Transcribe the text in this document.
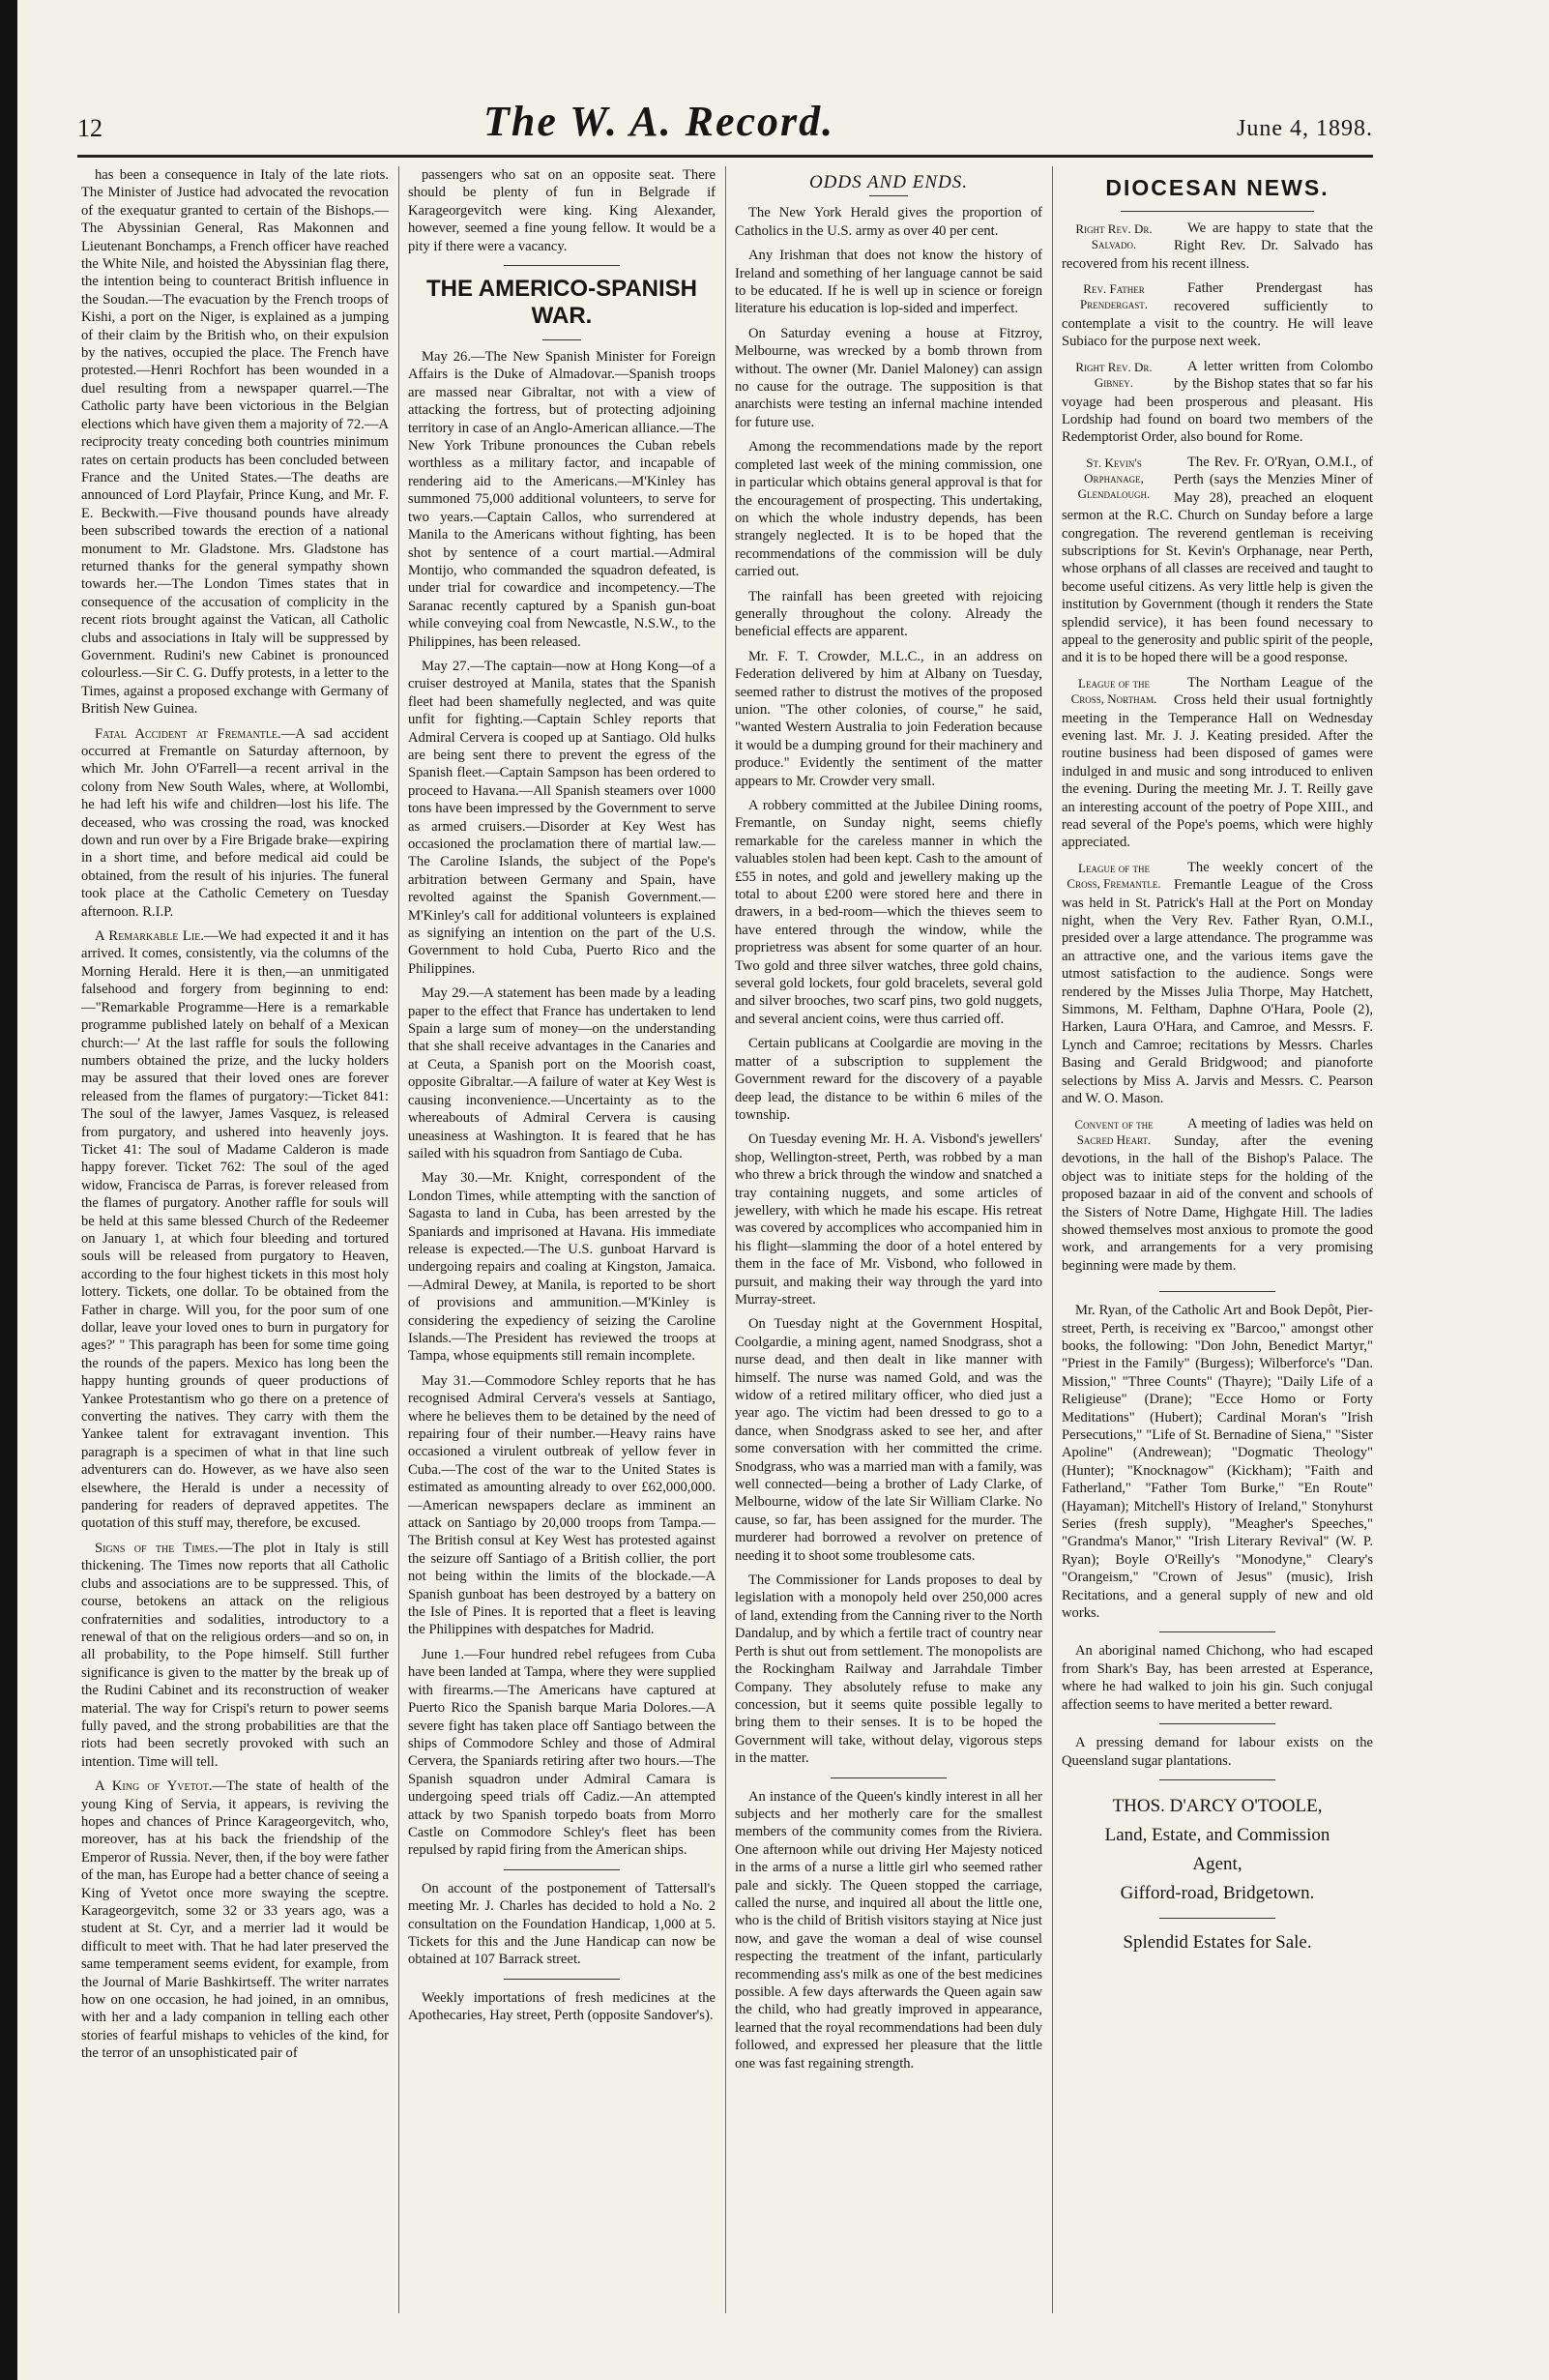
12	The W. A. Record.	June 4, 1898.

has been a consequence in Italy of the late riots. The Minister of Justice had advocated the revocation of the exequatur granted to certain of the Bishops.—The Abyssinian General, Ras Makonnen and Lieutenant Bonchamps, a French officer have reached the White Nile, and hoisted the Abyssinian flag there, the intention being to counteract British influence in the Soudan.—The evacuation by the French troops of Kishi, a port on the Niger, is explained as a jumping of their claim by the British who, on their expulsion by the natives, occupied the place. The French have protested.—Henri Rochfort has been wounded in a duel resulting from a newspaper quarrel.—The Catholic party have been victorious in the Belgian elections which have given them a majority of 72.—A reciprocity treaty conceding both countries minimum rates on certain products has been concluded between France and the United States.—The deaths are announced of Lord Playfair, Prince Kung, and Mr. F. E. Beckwith.—Five thousand pounds have already been subscribed towards the erection of a national monument to Mr. Gladstone. Mrs. Gladstone has returned thanks for the general sympathy shown towards her.—The London Times states that in consequence of the accusation of complicity in the recent riots brought against the Vatican, all Catholic clubs and associations in Italy will be suppressed by Government. Rudini's new Cabinet is pronounced colourless.—Sir C. G. Duffy protests, in a letter to the Times, against a proposed exchange with Germany of British New Guinea.

Fatal Accident at Fremantle.—A sad accident occurred at Fremantle on Saturday afternoon, by which Mr. John O'Farrell—a recent arrival in the colony from New South Wales, where, at Wollombi, he had left his wife and children—lost his life. The deceased, who was crossing the road, was knocked down and run over by a Fire Brigade brake—expiring in a short time, and before medical aid could be obtained, from the result of his injuries. The funeral took place at the Catholic Cemetery on Tuesday afternoon. R.I.P.

A Remarkable Lie.—We had expected it and it has arrived. It comes, consistently, via the columns of the Morning Herald. Here it is then,—an unmitigated falsehood and forgery from beginning to end:—"Remarkable Programme—Here is a remarkable programme published lately on behalf of a Mexican church:—' At the last raffle for souls the following numbers obtained the prize, and the lucky holders may be assured that their loved ones are forever released from the flames of purgatory:—Ticket 841: The soul of the lawyer, James Vasquez, is released from purgatory, and ushered into heavenly joys. Ticket 41: The soul of Madame Calderon is made happy forever. Ticket 762: The soul of the aged widow, Francisca de Parras, is forever released from the flames of purgatory. Another raffle for souls will be held at this same blessed Church of the Redeemer on January 1, at which four bleeding and tortured souls will be released from purgatory to Heaven, according to the four highest tickets in this most holy lottery. Tickets, one dollar. To be obtained from the Father in charge. Will you, for the poor sum of one dollar, leave your loved ones to burn in purgatory for ages?' " This paragraph has been for some time going the rounds of the papers. Mexico has long been the happy hunting grounds of queer productions of Yankee Protestantism who go there on a pretence of converting the natives. They carry with them the Yankee talent for extravagant invention. This paragraph is a specimen of what in that line such adventurers can do. However, as we have also seen elsewhere, the Herald is under a necessity of pandering for readers of depraved appetites. The quotation of this stuff may, therefore, be excused.

Signs of the Times.—The plot in Italy is still thickening. The Times now reports that all Catholic clubs and associations are to be suppressed. This, of course, betokens an attack on the religious confraternities and sodalities, introductory to a renewal of that on the religious orders—and so on, in all probability, to the Pope himself. Still further significance is given to the matter by the break up of the Rudini Cabinet and its reconstruction of weaker material. The way for Crispi's return to power seems fully paved, and the strong probabilities are that the riots had been secretly provoked with such an intention. Time will tell.

A King of Yvetot.—The state of health of the young King of Servia, it appears, is reviving the hopes and chances of Prince Karageorgevitch, who, moreover, has at his back the friendship of the Emperor of Russia. Never, then, if the boy were father of the man, has Europe had a better chance of seeing a King of Yvetot once more swaying the sceptre. Karageorgevitch, some 32 or 33 years ago, was a student at St. Cyr, and a merrier lad it would be difficult to meet with. That he had later preserved the same temperament seems evident, for example, from the Journal of Marie Bashkirtseff. The writer narrates how on one occasion, he had joined, in an omnibus, with her and a lady companion in telling each other stories of fearful mishaps to vehicles of the kind, for the terror of an unsophisticated pair of

passengers who sat on an opposite seat. There should be plenty of fun in Belgrade if Karageorgevitch were king. King Alexander, however, seemed a fine young fellow. It would be a pity if there were a vacancy.

THE AMERICO-SPANISH WAR.

May 26.—The New Spanish Minister for Foreign Affairs is the Duke of Almadovar.—Spanish troops are massed near Gibraltar, not with a view of attacking the fortress, but of protecting adjoining territory in case of an Anglo-American alliance.—The New York Tribune pronounces the Cuban rebels worthless as a military factor, and incapable of rendering aid to the Americans.—M'Kinley has summoned 75,000 additional volunteers, to serve for two years.—Captain Callos, who surrendered at Manila to the Americans without fighting, has been shot by sentence of a court martial.—Admiral Montijo, who commanded the squadron defeated, is under trial for cowardice and incompetency.—The Saranac recently captured by a Spanish gun-boat while conveying coal from Newcastle, N.S.W., to the Philippines, has been released.

May 27.—The captain—now at Hong Kong—of a cruiser destroyed at Manila, states that the Spanish fleet had been shamefully neglected, and was quite unfit for fighting.—Captain Schley reports that Admiral Cervera is cooped up at Santiago. Old hulks are being sent there to prevent the egress of the Spanish fleet.—Captain Sampson has been ordered to proceed to Havana.—All Spanish steamers over 1000 tons have been impressed by the Government to serve as armed cruisers.—Disorder at Key West has occasioned the proclamation there of martial law.—The Caroline Islands, the subject of the Pope's arbitration between Germany and Spain, have revolted against the Spanish Government.—M'Kinley's call for additional volunteers is explained as signifying an intention on the part of the U.S. Government to hold Cuba, Puerto Rico and the Philippines.

May 29.—A statement has been made by a leading paper to the effect that France has undertaken to lend Spain a large sum of money—on the understanding that she shall receive advantages in the Canaries and at Ceuta, a Spanish port on the Moorish coast, opposite Gibraltar.—A failure of water at Key West is causing inconvenience.—Uncertainty as to the whereabouts of Admiral Cervera is causing uneasiness at Washington. It is feared that he has sailed with his squadron from Santiago de Cuba.

May 30.—Mr. Knight, correspondent of the London Times, while attempting with the sanction of Sagasta to land in Cuba, has been arrested by the Spaniards and imprisoned at Havana. His immediate release is expected.—The U.S. gunboat Harvard is undergoing repairs and coaling at Kingston, Jamaica.—Admiral Dewey, at Manila, is reported to be short of provisions and ammunition.—M'Kinley is considering the expediency of seizing the Caroline Islands.—The President has reviewed the troops at Tampa, whose equipments still remain incomplete.

May 31.—Commodore Schley reports that he has recognised Admiral Cervera's vessels at Santiago, where he believes them to be detained by the need of repairing four of their number.—Heavy rains have occasioned a virulent outbreak of yellow fever in Cuba.—The cost of the war to the United States is estimated as amounting already to over £62,000,000.—American newspapers declare as imminent an attack on Santiago by 20,000 troops from Tampa.—The British consul at Key West has protested against the seizure off Santiago of a British collier, the port not being within the limits of the blockade.—A Spanish gunboat has been destroyed by a battery on the Isle of Pines. It is reported that a fleet is leaving the Philippines with despatches for Madrid.

June 1.—Four hundred rebel refugees from Cuba have been landed at Tampa, where they were supplied with firearms.—The Americans have captured at Puerto Rico the Spanish barque Maria Dolores.—A severe fight has taken place off Santiago between the ships of Commodore Schley and those of Admiral Cervera, the Spaniards retiring after two hours.—The Spanish squadron under Admiral Camara is undergoing speed trials off Cadiz.—An attempted attack by two Spanish torpedo boats from Morro Castle on Commodore Schley's fleet has been repulsed by rapid firing from the American ships.

On account of the postponement of Tattersall's meeting Mr. J. Charles has decided to hold a No. 2 consultation on the Foundation Handicap, 1,000 at 5. Tickets for this and the June Handicap can now be obtained at 107 Barrack street.

Weekly importations of fresh medicines at the Apothecaries, Hay street, Perth (opposite Sandover's).

ODDS AND ENDS.

The New York Herald gives the proportion of Catholics in the U.S. army as over 40 per cent.

Any Irishman that does not know the history of Ireland and something of her language cannot be said to be educated. If he is well up in science or foreign literature his education is lop-sided and imperfect.

On Saturday evening a house at Fitzroy, Melbourne, was wrecked by a bomb thrown from without. The owner (Mr. Daniel Maloney) can assign no cause for the outrage. The supposition is that anarchists were testing an infernal machine intended for future use.

Among the recommendations made by the report completed last week of the mining commission, one in particular which obtains general approval is that for the encouragement of prospecting. This undertaking, on which the whole industry depends, has been strangely neglected. It is to be hoped that the recommendations of the commission will be duly carried out.

The rainfall has been greeted with rejoicing generally throughout the colony. Already the beneficial effects are apparent.

Mr. F. T. Crowder, M.L.C., in an address on Federation delivered by him at Albany on Tuesday, seemed rather to distrust the motives of the proposed union. "The other colonies, of course," he said, "wanted Western Australia to join Federation because it would be a dumping ground for their machinery and produce." Evidently the sentiment of the matter appears to Mr. Crowder very small.

A robbery committed at the Jubilee Dining rooms, Fremantle, on Sunday night, seems chiefly remarkable for the careless manner in which the valuables stolen had been kept. Cash to the amount of £55 in notes, and gold and jewellery making up the total to about £200 were stored here and there in drawers, in a bed-room—which the thieves seem to have entered through the window, while the proprietress was absent for some quarter of an hour. Two gold and three silver watches, three gold chains, several gold lockets, four gold bracelets, several gold and silver brooches, two scarf pins, two gold nuggets, and several ancient coins, were thus carried off.

Certain publicans at Coolgardie are moving in the matter of a subscription to supplement the Government reward for the discovery of a payable deep lead, the distance to be within 6 miles of the township.

On Tuesday evening Mr. H. A. Visbond's jewellers' shop, Wellington-street, Perth, was robbed by a man who threw a brick through the window and snatched a tray containing nuggets, and some articles of jewellery, with which he made his escape. His retreat was covered by accomplices who accompanied him in his flight—slamming the door of a hotel entered by them in the face of Mr. Visbond, who followed in pursuit, and making their way through the yard into Murray-street.

On Tuesday night at the Government Hospital, Coolgardie, a mining agent, named Snodgrass, shot a nurse dead, and then dealt in like manner with himself. The nurse was named Gold, and was the widow of a retired military officer, who died just a year ago. The victim had been dressed to go to a dance, when Snodgrass asked to see her, and after some conversation with her committed the crime. Snodgrass, who was a married man with a family, was well connected—being a brother of Lady Clarke, of Melbourne, widow of the late Sir William Clarke. No cause, so far, has been assigned for the murder. The murderer had borrowed a revolver on pretence of needing it to shoot some troublesome cats.

The Commissioner for Lands proposes to deal by legislation with a monopoly held over 250,000 acres of land, extending from the Canning river to the North Dandalup, and by which a fertile tract of country near Perth is shut out from settlement. The monopolists are the Rockingham Railway and Jarrahdale Timber Company. They absolutely refuse to make any concession, but it seems quite possible legally to bring them to their senses. It is to be hoped the Government will take, without delay, vigorous steps in the matter.

An instance of the Queen's kindly interest in all her subjects and her motherly care for the smallest members of the community comes from the Riviera. One afternoon while out driving Her Majesty noticed in the arms of a nurse a little girl who seemed rather pale and sickly. The Queen stopped the carriage, called the nurse, and inquired all about the little one, who is the child of British visitors staying at Nice just now, and gave the woman a deal of wise counsel respecting the treatment of the infant, particularly recommending ass's milk as one of the best medicines possible. A few days afterwards the Queen again saw the child, who had greatly improved in appearance, learned that the royal recommendations had been duly followed, and expressed her pleasure that the little one was fast regaining strength.

DIOCESAN NEWS.

Right Rev. Dr. Salvado.
We are happy to state that the Right Rev. Dr. Salvado has recovered from his recent illness.

Rev. Father Prendergast.
Father Prendergast has recovered sufficiently to contemplate a visit to the country. He will leave Subiaco for the purpose next week.

Right Rev. Dr. Gibney.
A letter written from Colombo by the Bishop states that so far his voyage had been prosperous and pleasant. His Lordship had found on board two members of the Redemptorist Order, also bound for Rome.

St. Kevin's Orphanage, Glendalough.
The Rev. Fr. O'Ryan, O.M.I., of Perth (says the Menzies Miner of May 28), preached an eloquent sermon at the R.C. Church on Sunday before a large congregation. The reverend gentleman is receiving subscriptions for St. Kevin's Orphanage, near Perth, whose orphans of all classes are received and taught to become useful citizens. As very little help is given the institution by Government (though it renders the State splendid service), it has been found necessary to appeal to the generosity and public spirit of the people, and it is to be hoped there will be a good response.

League of the Cross, Northam.
The Northam League of the Cross held their usual fortnightly meeting in the Temperance Hall on Wednesday evening last. Mr. J. J. Keating presided. After the routine business had been disposed of games were indulged in and music and song introduced to enliven the evening. During the meeting Mr. J. T. Reilly gave an interesting account of the poetry of Pope XIII., and read several of the Pope's poems, which were highly appreciated.

League of the Cross, Fremantle.
The weekly concert of the Fremantle League of the Cross was held in St. Patrick's Hall at the Port on Monday night, when the Very Rev. Father Ryan, O.M.I., presided over a large attendance. The programme was an attractive one, and the various items gave the utmost satisfaction to the audience. Songs were rendered by the Misses Julia Thorpe, May Hatchett, Simmons, M. Feltham, Daphne O'Hara, Poole (2), Harken, Laura O'Hara, and Camroe, and Messrs. F. Lynch and Camroe; recitations by Messrs. Charles Basing and Gerald Bridgwood; and pianoforte selections by Miss A. Jarvis and Messrs. C. Pearson and W. O. Mason.

Convent of the Sacred Heart.
A meeting of ladies was held on Sunday, after the evening devotions, in the hall of the Bishop's Palace. The object was to initiate steps for the holding of the proposed bazaar in aid of the convent and schools of the Sisters of Notre Dame, Highgate Hill. The ladies showed themselves most anxious to promote the good work, and arrangements for a very promising beginning were made by them.

Mr. Ryan, of the Catholic Art and Book Depôt, Pier-street, Perth, is receiving ex "Barcoo," amongst other books, the following: "Don John, Benedict Martyr," "Priest in the Family" (Burgess); Wilberforce's "Dan. Mission," "Three Counts" (Thayre); "Daily Life of a Religieuse" (Drane); "Ecce Homo or Forty Meditations" (Hubert); Cardinal Moran's "Irish Persecutions," "Life of St. Bernadine of Siena," "Sister Apoline" (Andrewean); "Dogmatic Theology" (Hunter); "Knocknagow" (Kickham); "Faith and Fatherland," "Father Tom Burke," "En Route" (Hayaman); Mitchell's History of Ireland," Stonyhurst Series (fresh supply), "Meagher's Speeches," "Grandma's Manor," "Irish Literary Revival" (W. P. Ryan); Boyle O'Reilly's "Monodyne," Cleary's "Orangeism," "Crown of Jesus" (music), Irish Recitations, and a general supply of new and old works.

An aboriginal named Chichong, who had escaped from Shark's Bay, has been arrested at Esperance, where he had walked to join his gin. Such conjugal affection seems to have merited a better reward.

A pressing demand for labour exists on the Queensland sugar plantations.

THOS. D'ARCY O'TOOLE,
Land, Estate, and Commission
Agent,
Gifford-road, Bridgetown.
Splendid Estates for Sale.
